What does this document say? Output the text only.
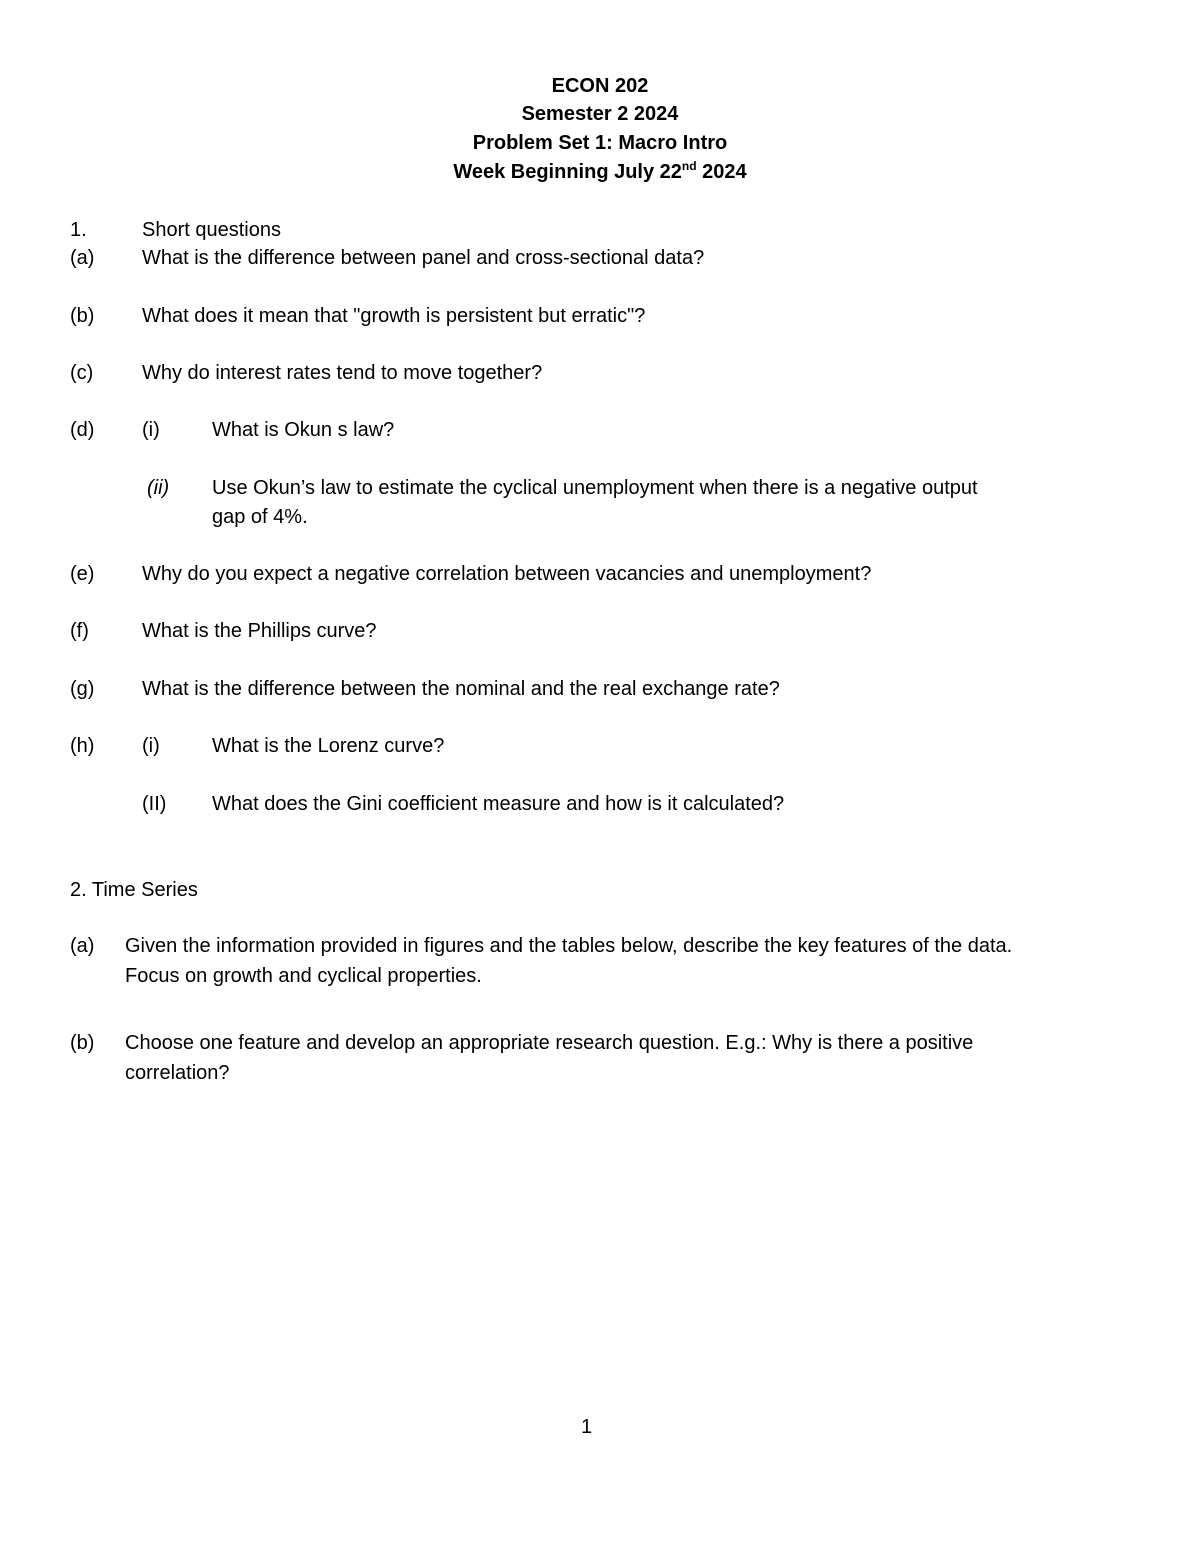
ECON 202
Semester 2 2024
Problem Set 1: Macro Intro
Week Beginning July 22nd 2024
1.	Short questions
(a) What is the difference between panel and cross-sectional data?
(b) What does it mean that "growth is persistent but erratic"?
(c) Why do interest rates tend to move together?
(d) (i)	What is Okun s law?
(ii) Use Okun’s law to estimate the cyclical unemployment when there is a negative output
gap of 4%.
(e) Why do you expect a negative correlation between vacancies and unemployment?
(f)	What is the Phillips curve?
(g) What is the difference between the nominal and the real exchange rate?
(h) (i)	What is the Lorenz curve?
(II) What does the Gini coefficient measure and how is it calculated?
2. Time Series
(a) Given the information provided in figures and the tables below, describe the key features of the data.
Focus on growth and cyclical properties.
(b) Choose one feature and develop an appropriate research question. E.g.: Why is there a positive
correlation?
1
